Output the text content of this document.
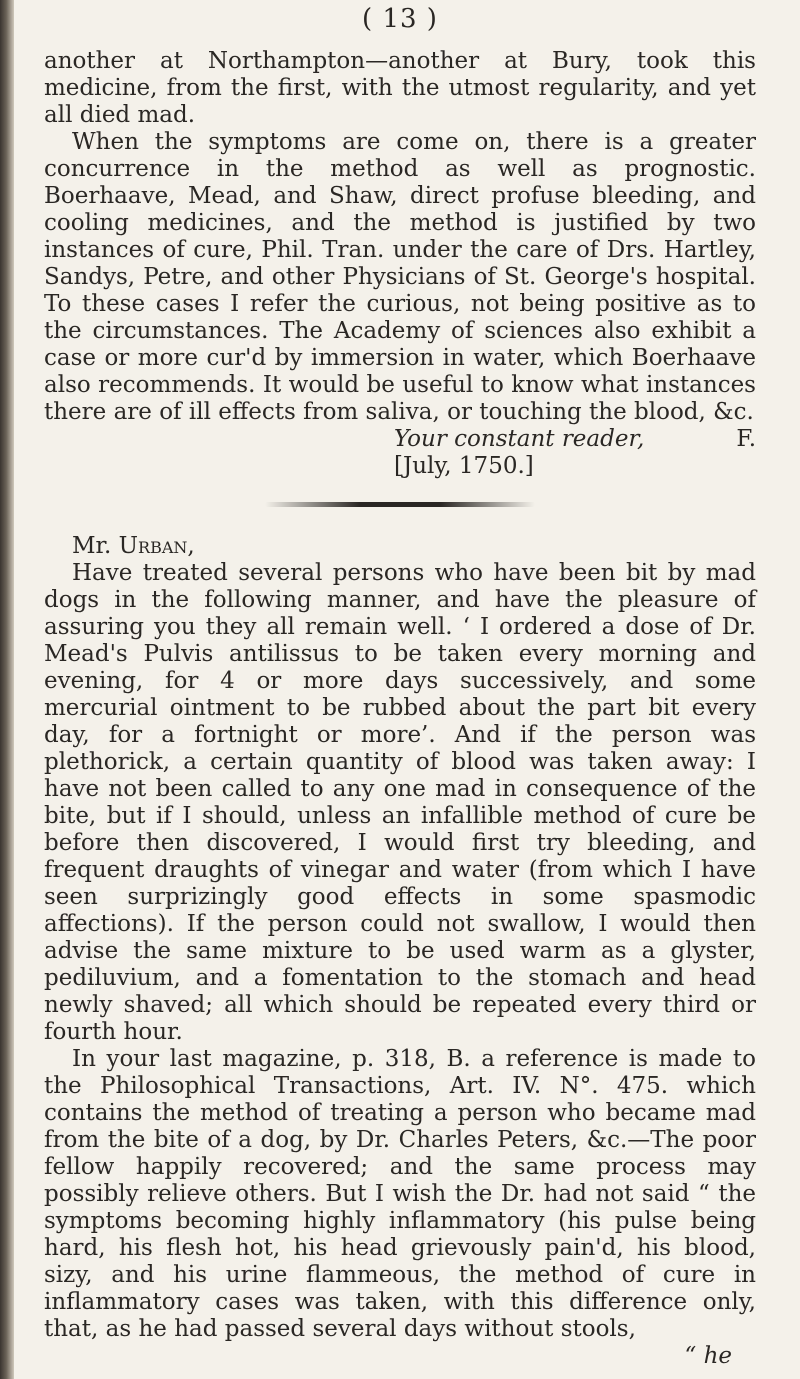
( 13 )

another at Northampton—another at Bury, took this medicine, from the first, with the utmost regularity, and yet all died mad.

When the symptoms are come on, there is a greater concurrence in the method as well as prognostic. Boerhaave, Mead, and Shaw, direct profuse bleeding, and cooling medicines, and the method is justified by two instances of cure, Phil. Tran. under the care of Drs. Hartley, Sandys, Petre, and other Physicians of St. George's hospital. To these cases I refer the curious, not being positive as to the circumstances. The Academy of sciences also exhibit a case or more cur'd by immersion in water, which Boerhaave also recommends. It would be useful to know what instances there are of ill effects from saliva, or touching the blood, &c.

Your constant reader,	F.
[July, 1750.]
Mr. Urban,

Have treated several persons who have been bit by mad dogs in the following manner, and have the pleasure of assuring you they all remain well. ‘ I ordered a dose of Dr. Mead's Pulvis antilissus to be taken every morning and evening, for 4 or more days successively, and some mercurial ointment to be rubbed about the part bit every day, for a fortnight or more’. And if the person was plethorick, a certain quantity of blood was taken away: I have not been called to any one mad in consequence of the bite, but if I should, unless an infallible method of cure be before then discovered, I would first try bleeding, and frequent draughts of vinegar and water (from which I have seen surprizingly good effects in some spasmodic affections). If the person could not swallow, I would then advise the same mixture to be used warm as a glyster, pediluvium, and a fomentation to the stomach and head newly shaved; all which should be repeated every third or fourth hour.

In your last magazine, p. 318, B. a reference is made to the Philosophical Transactions, Art. IV. N°. 475. which contains the method of treating a person who became mad from the bite of a dog, by Dr. Charles Peters, &c.—The poor fellow happily recovered; and the same process may possibly relieve others. But I wish the Dr. had not said “ the symptoms becoming highly inflammatory (his pulse being hard, his flesh hot, his head grievously pain'd, his blood, sizy, and his urine flammeous, the method of cure in inflammatory cases was taken, with this difference only, that, as he had passed several days without stools,

“ he
